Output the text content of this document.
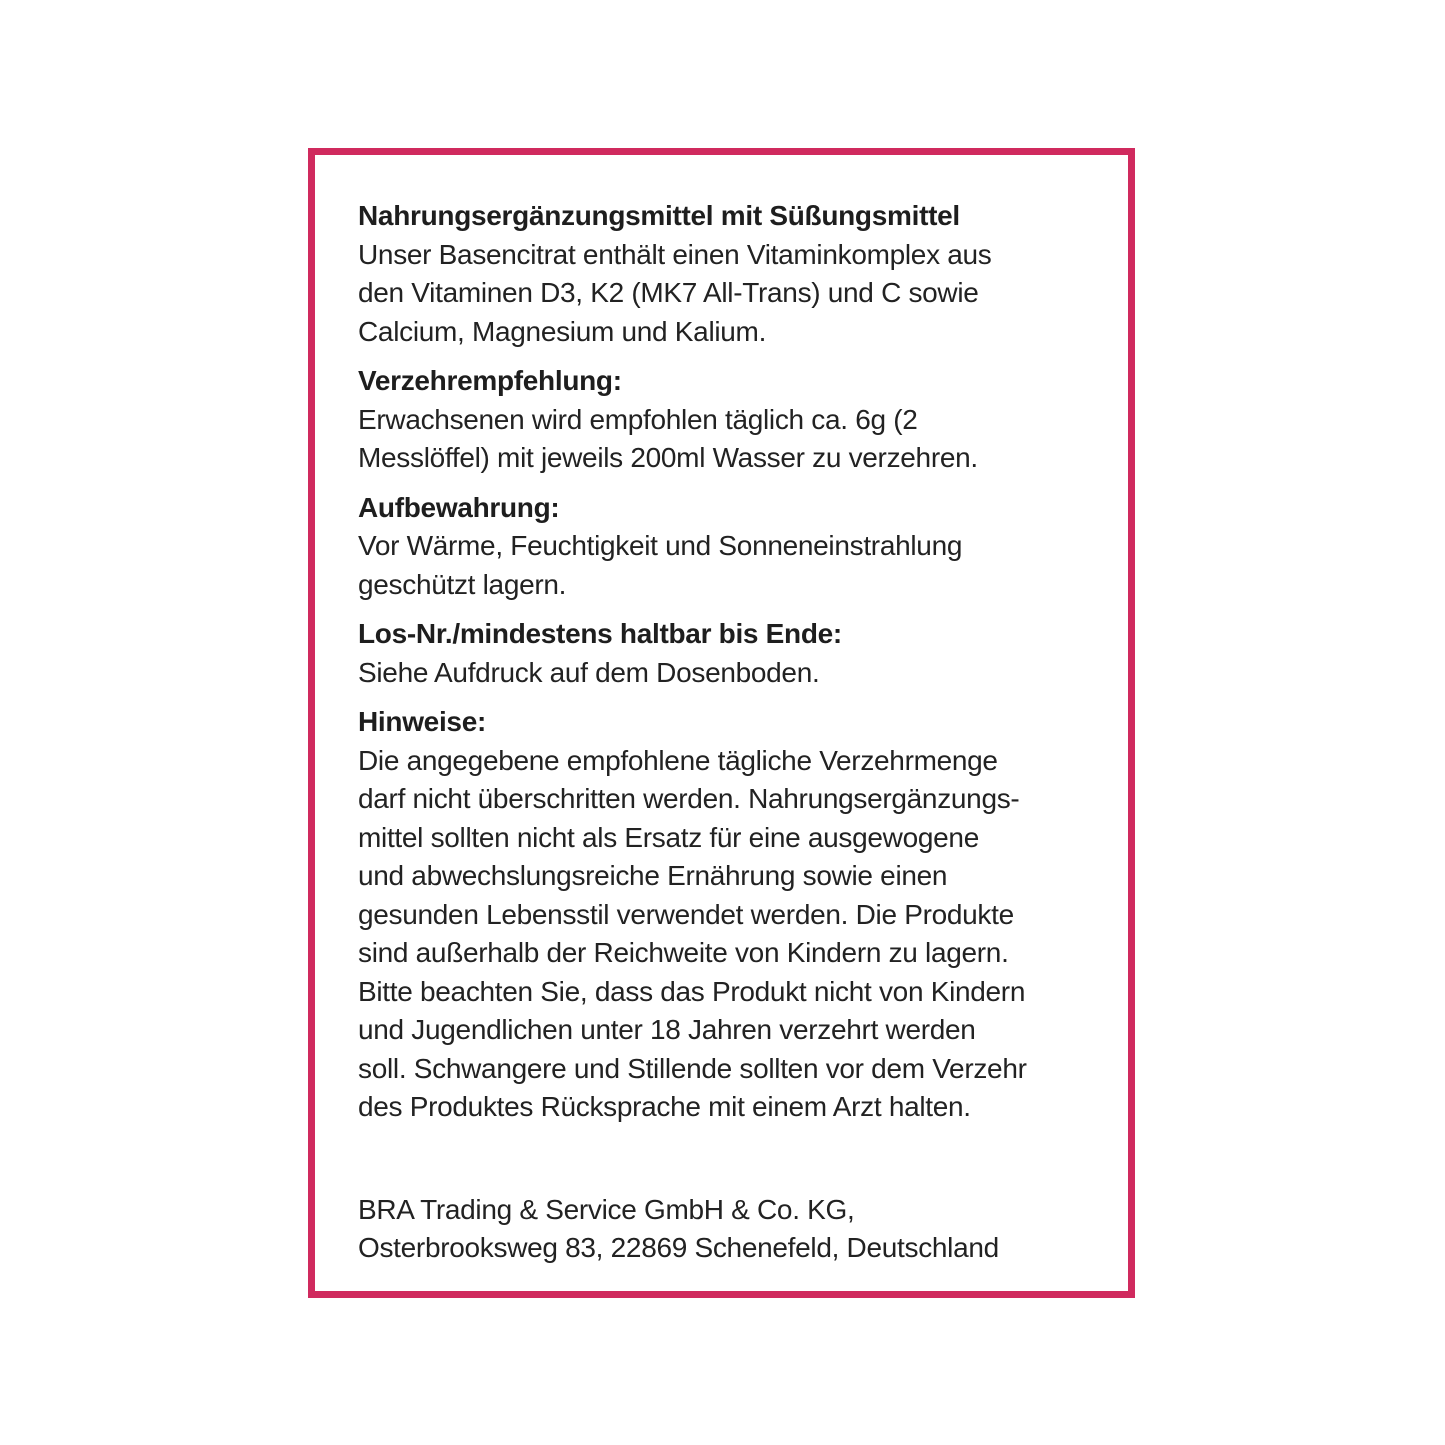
Nahrungsergänzungsmittel mit Süßungsmittel
Unser Basencitrat enthält einen Vitaminkomplex aus
den Vitaminen D3, K2 (MK7 All-Trans) und C sowie
Calcium, Magnesium und Kalium.
Verzehrempfehlung:
Erwachsenen wird empfohlen täglich ca. 6g (2
Messlöffel) mit jeweils 200ml Wasser zu verzehren.
Aufbewahrung:
Vor Wärme, Feuchtigkeit und Sonneneinstrahlung
geschützt lagern.
Los-Nr./mindestens haltbar bis Ende:
Siehe Aufdruck auf dem Dosenboden.
Hinweise:
Die angegebene empfohlene tägliche Verzehrmenge
darf nicht überschritten werden. Nahrungsergänzungs-
mittel sollten nicht als Ersatz für eine ausgewogene
und abwechslungsreiche Ernährung sowie einen
gesunden Lebensstil verwendet werden. Die Produkte
sind außerhalb der Reichweite von Kindern zu lagern.
Bitte beachten Sie, dass das Produkt nicht von Kindern
und Jugendlichen unter 18 Jahren verzehrt werden
soll. Schwangere und Stillende sollten vor dem Verzehr
des Produktes Rücksprache mit einem Arzt halten.
BRA Trading & Service GmbH & Co. KG,
Osterbrooksweg 83, 22869 Schenefeld, Deutschland
